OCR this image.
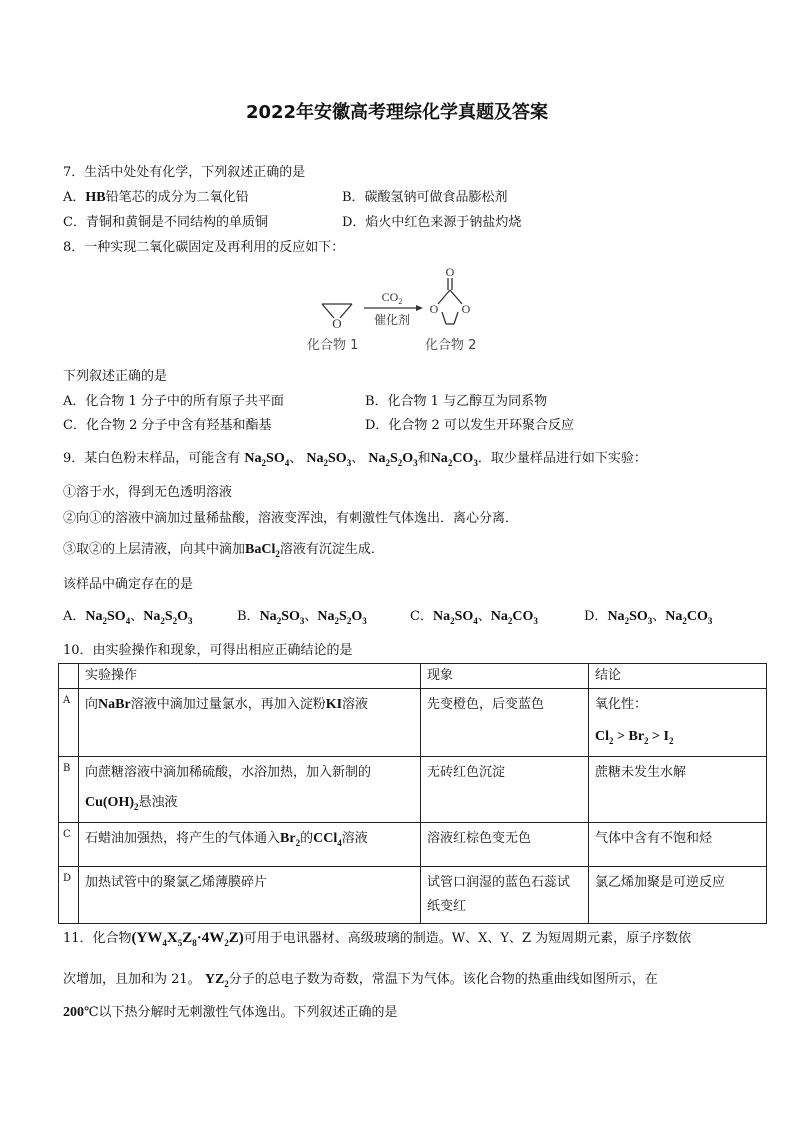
2022年安徽高考理综化学真题及答案
7．生活中处处有化学，下列叙述正确的是
A．HB铅笔芯的成分为二氧化铅	B．碳酸氢钠可做食品膨松剂
C．青铜和黄铜是不同结构的单质铜	D．焰火中红色来源于钠盐灼烧
8．一种实现二氧化碳固定及再利用的反应如下：
O
$CO_2$
催化剂
O
O O
化合物 1	化合物 2
下列叙述正确的是
A．化合物 1 分子中的所有原子共平面	B．化合物 1 与乙醇互为同系物
C．化合物 2 分子中含有羟基和酯基	D．化合物 2 可以发生开环聚合反应
9．某白色粉末样品，可能含有 $Na_2SO_4$、 $Na_2SO_3$、 $Na_2S_2O_3$和$Na_2CO_3$．取少量样品进行如下实验：
①溶于水，得到无色透明溶液
②向①的溶液中滴加过量稀盐酸，溶液变浑浊，有刺激性气体逸出．离心分离．
③取②的上层清液，向其中滴加BaCl$_2$溶液有沉淀生成．
该样品中确定存在的是
A．$Na_2SO_4$、$Na_2S_2O_3$	B．$Na_2SO_3$、$Na_2S_2O_3$	C．$Na_2SO_4$、$Na_2CO_3$	D．$Na_2SO_3$、$Na_2CO_3$
10．由实验操作和现象，可得出相应正确结论的是
	实验操作	现象	结论
A	向NaBr溶液中滴加过量氯水，再加入淀粉KI溶液	先变橙色，后变蓝色	氧化性：
$Cl_2 > Br_2 > I_2$

B	向蔗糖溶液中滴加稀硫酸，水浴加热，加入新制的
$Cu(OH)_2$悬浊液	无砖红色沉淀	蔗糖未发生水解
C	石蜡油加强热，将产生的气体通入$Br_2$的CCl$_4$溶液	溶液红棕色变无色	气体中含有不饱和烃
D	加热试管中的聚氯乙烯薄膜碎片	试管口润湿的蓝色石蕊试纸变红	氯乙烯加聚是可逆反应
11．化合物$(YW_4X_5Z_8\cdot 4W_2Z)$可用于电讯器材、高级玻璃的制造。W、X、Y、Z 为短周期元素，原子序数依
次增加，且加和为 21。 $YZ_2$分子的总电子数为奇数，常温下为气体。该化合物的热重曲线如图所示，在
200℃以下热分解时无刺激性气体逸出。下列叙述正确的是
